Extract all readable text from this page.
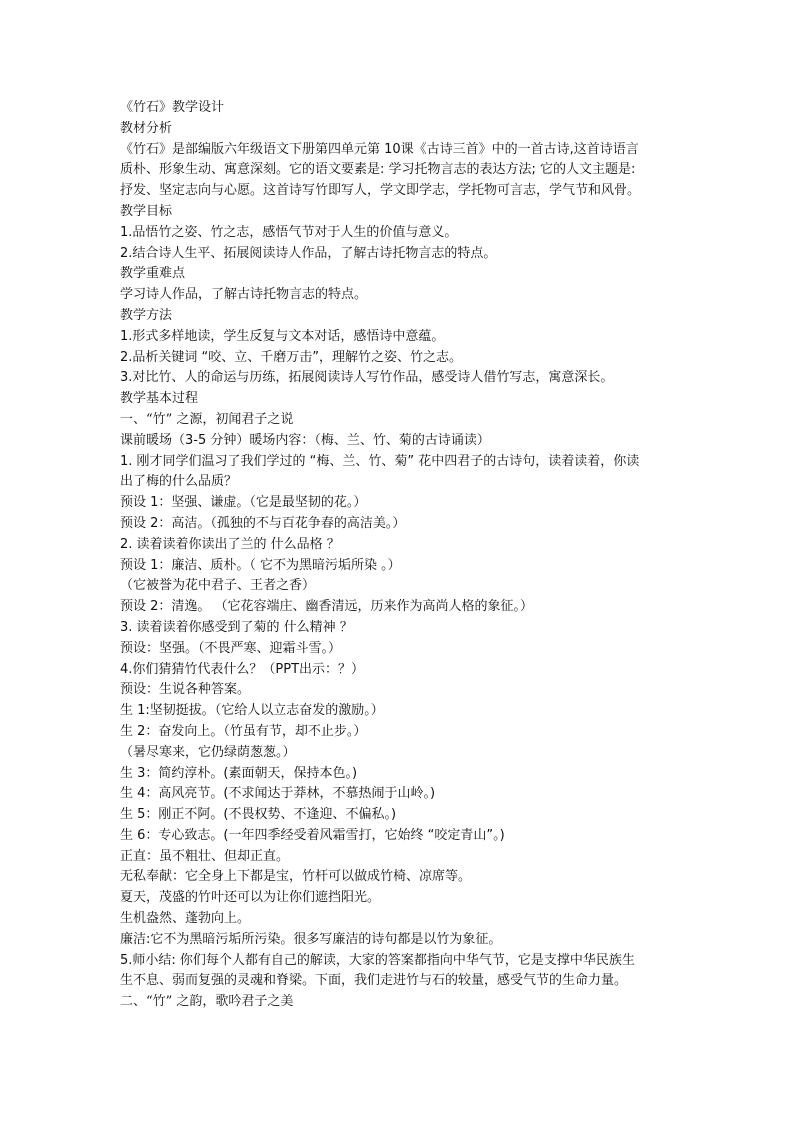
《竹石》教学设计
教材分析
《竹石》是部编版六年级语文下册第四单元第 10课《古诗三首》中的一首古诗,这首诗语言
质朴、形象生动、寓意深刻。它的语文要素是: 学习托物言志的表达方法; 它的人文主题是:
抒发、坚定志向与心愿。这首诗写竹即写人，学文即学志，学托物可言志，学气节和风骨。
教学目标
1.品悟竹之姿、竹之志，感悟气节对于人生的价值与意义。
2.结合诗人生平、拓展阅读诗人作品，了解古诗托物言志的特点。
教学重难点
学习诗人作品，了解古诗托物言志的特点。
教学方法
1.形式多样地读，学生反复与文本对话，感悟诗中意蕴。
2.品析关键词 “咬、立、千磨万击”，理解竹之姿、竹之志。
3.对比竹、人的命运与历练，拓展阅读诗人写竹作品，感受诗人借竹写志，寓意深长。
教学基本过程
一、“竹” 之源，初闻君子之说
课前暖场（3-5 分钟）暖场内容：（梅、兰、竹、菊的古诗诵读）
1. 刚才同学们温习了我们学过的 “梅、兰、竹、菊” 花中四君子的古诗句，读着读着，你读
出了梅的什么品质？
预设 1：坚强、谦虚。（它是最坚韧的花。）
预设 2：高洁。（孤独的不与百花争春的高洁美。）
2. 读着读着你读出了兰的 什么品格 ？
预设 1：廉洁、质朴。（ 它不为黑暗污垢所染 。）
（它被誉为花中君子、王者之香）
预设 2：清逸。 （它花容端庄、幽香清远，历来作为高尚人格的象征。）
3. 读着读着你感受到了菊的 什么精神 ？
预设：坚强。（不畏严寒、迎霜斗雪。）
4.你们猜猜竹代表什么？（PPT出示：？）
预设：生说各种答案。
生 1:坚韧挺拔。（它给人以立志奋发的激励。）
生 2：奋发向上。（竹虽有节，却不止步。）
（暑尽寒来，它仍绿荫葱葱。）
生 3：简约淳朴。(素面朝天，保持本色。)
生 4：高风亮节。(不求闻达于莽林，不慕热闹于山岭。)
生 5：刚正不阿。(不畏权势、不逢迎、不偏私。)
生 6：专心致志。(一年四季经受着风霜雪打，它始终 “咬定青山”。)
正直：虽不粗壮、但却正直。
无私奉献：它全身上下都是宝，竹杆可以做成竹椅、凉席等。
夏天，茂盛的竹叶还可以为让你们遮挡阳光。
生机盎然、蓬勃向上。
廉洁:它不为黑暗污垢所污染。很多写廉洁的诗句都是以竹为象征。
5.师小结: 你们每个人都有自己的解读，大家的答案都指向中华气节，它是支撑中华民族生
生不息、弱而复强的灵魂和脊梁。下面，我们走进竹与石的较量，感受气节的生命力量。
二、“竹” 之韵，歌吟君子之美
